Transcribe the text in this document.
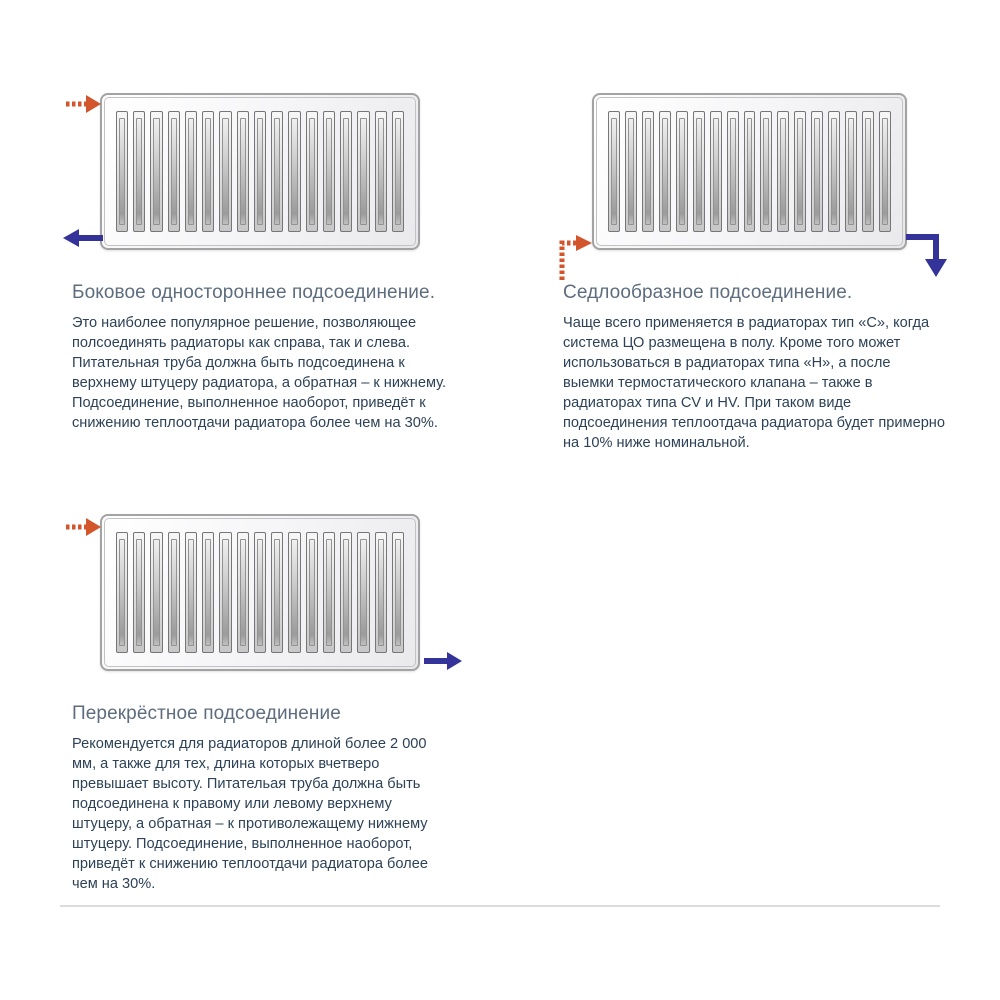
Боковое одностороннее подсоединение.

Это наиболее популярное решение, позволяющее полсоединять радиаторы как справа, так и слева. Питательная труба должна быть подсоединена к верхнему штуцеру радиатора, а обратная – к нижнему. Подсоединение, выполненное наоборот, приведёт к снижению теплоотдачи радиатора более чем на 30%.

Седлообразное подсоединение.

Чаще всего применяется в радиаторах тип «С», когда система ЦО размещена в полу. Кроме того может использоваться в радиаторах типа «Н», а после выемки термостатического клапана – также в радиаторах типа CV и HV. При таком виде подсоединения теплоотдача радиатора будет примерно на 10% ниже номинальной.

Перекрёстное подсоединение

Рекомендуется для радиаторов длиной более 2 000 мм, а также для тех, длина которых вчетверо превышает высоту. Питательая труба должна быть подсоединена к правому или левому верхнему штуцеру, а обратная – к противолежащему нижнему штуцеру. Подсоединение, выполненное наоборот, приведёт к снижению теплоотдачи радиатора более чем на 30%.
